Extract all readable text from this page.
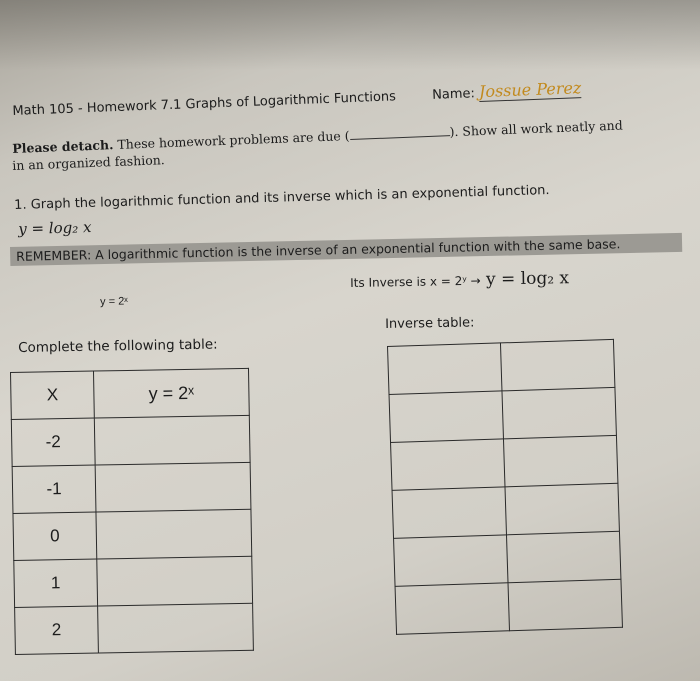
Math 105 - Homework 7.1 Graphs of Logarithmic Functions	Name: Jossue Perez
Please detach. These homework problems are due (	). Show all work neatly and
in an organized fashion.
1. Graph the logarithmic function and its inverse which is an exponential function.
y = log₂ x
REMEMBER: A logarithmic function is the inverse of an exponential function with the same base.
y = 2ˣ
Its Inverse is x = 2ʸ → y = log₂ x
Complete the following table:
Inverse table:
X	y = 2ˣ
-2	
-1	
0	
1	
2	
